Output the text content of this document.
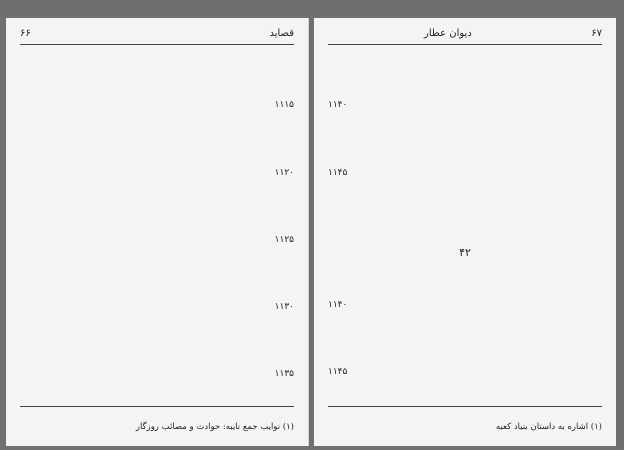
۶۶	قصاید
۱۱۱۵
۱۱۲۰
۱۱۲۵
۱۱۳۰
۱۱۳۵
(۱) نوایب جمع نایبه: حوادث و مصائب روزگار
۶۷
دیوان عطار
۱۱۴۰
۱۱۴۵
۴۲
۱۱۴۰
۱۱۴۵
(۱) اشاره به داستان بنیاد کعبه
